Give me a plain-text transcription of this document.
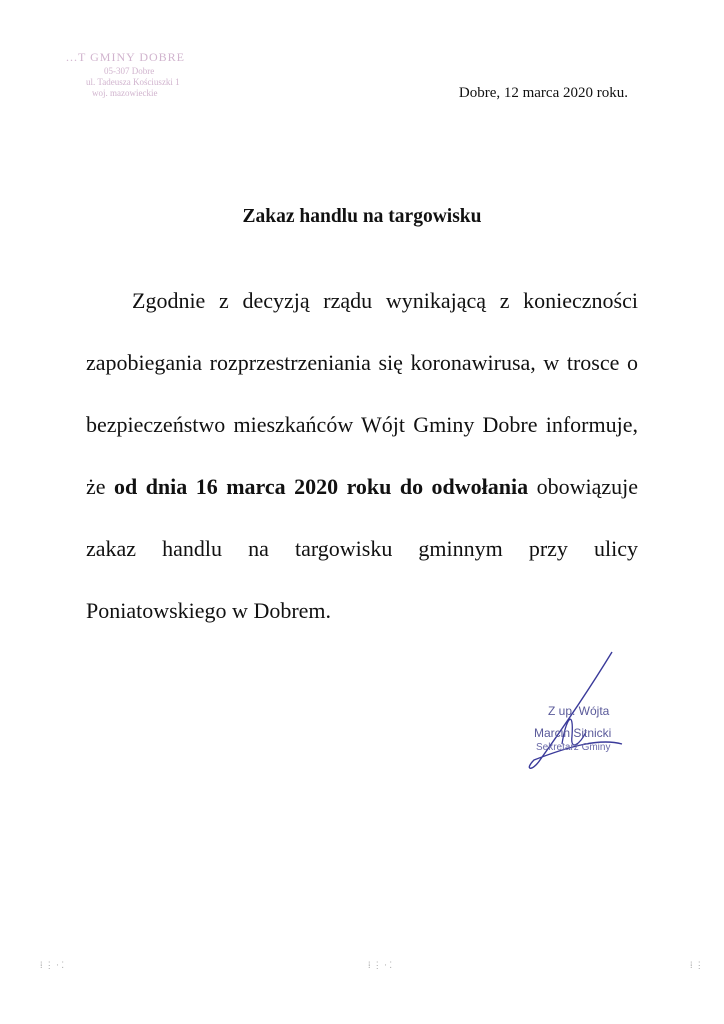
...T GMINY DOBRE
05-307 Dobre
ul. Tadeusza Kościuszki 1
woj. mazowieckie	Dobre, 12 marca 2020 roku.
Zakaz handlu na targowisku
Zgodnie z decyzją rządu wynikającą z konieczności zapobiegania rozprzestrzeniania się koronawirusa, w trosce o bezpieczeństwo mieszkańców Wójt Gminy Dobre informuje, że od dnia 16 marca 2020 roku do odwołania obowiązuje zakaz handlu na targowisku gminnym przy ulicy Poniatowskiego w Dobrem.
Z up. Wójta
Marcin Sitnicki
Sekretarz Gminy
⁞ ⋮ · ⁚	⁞ ⋮ · ⁚	⁞ ⋮
